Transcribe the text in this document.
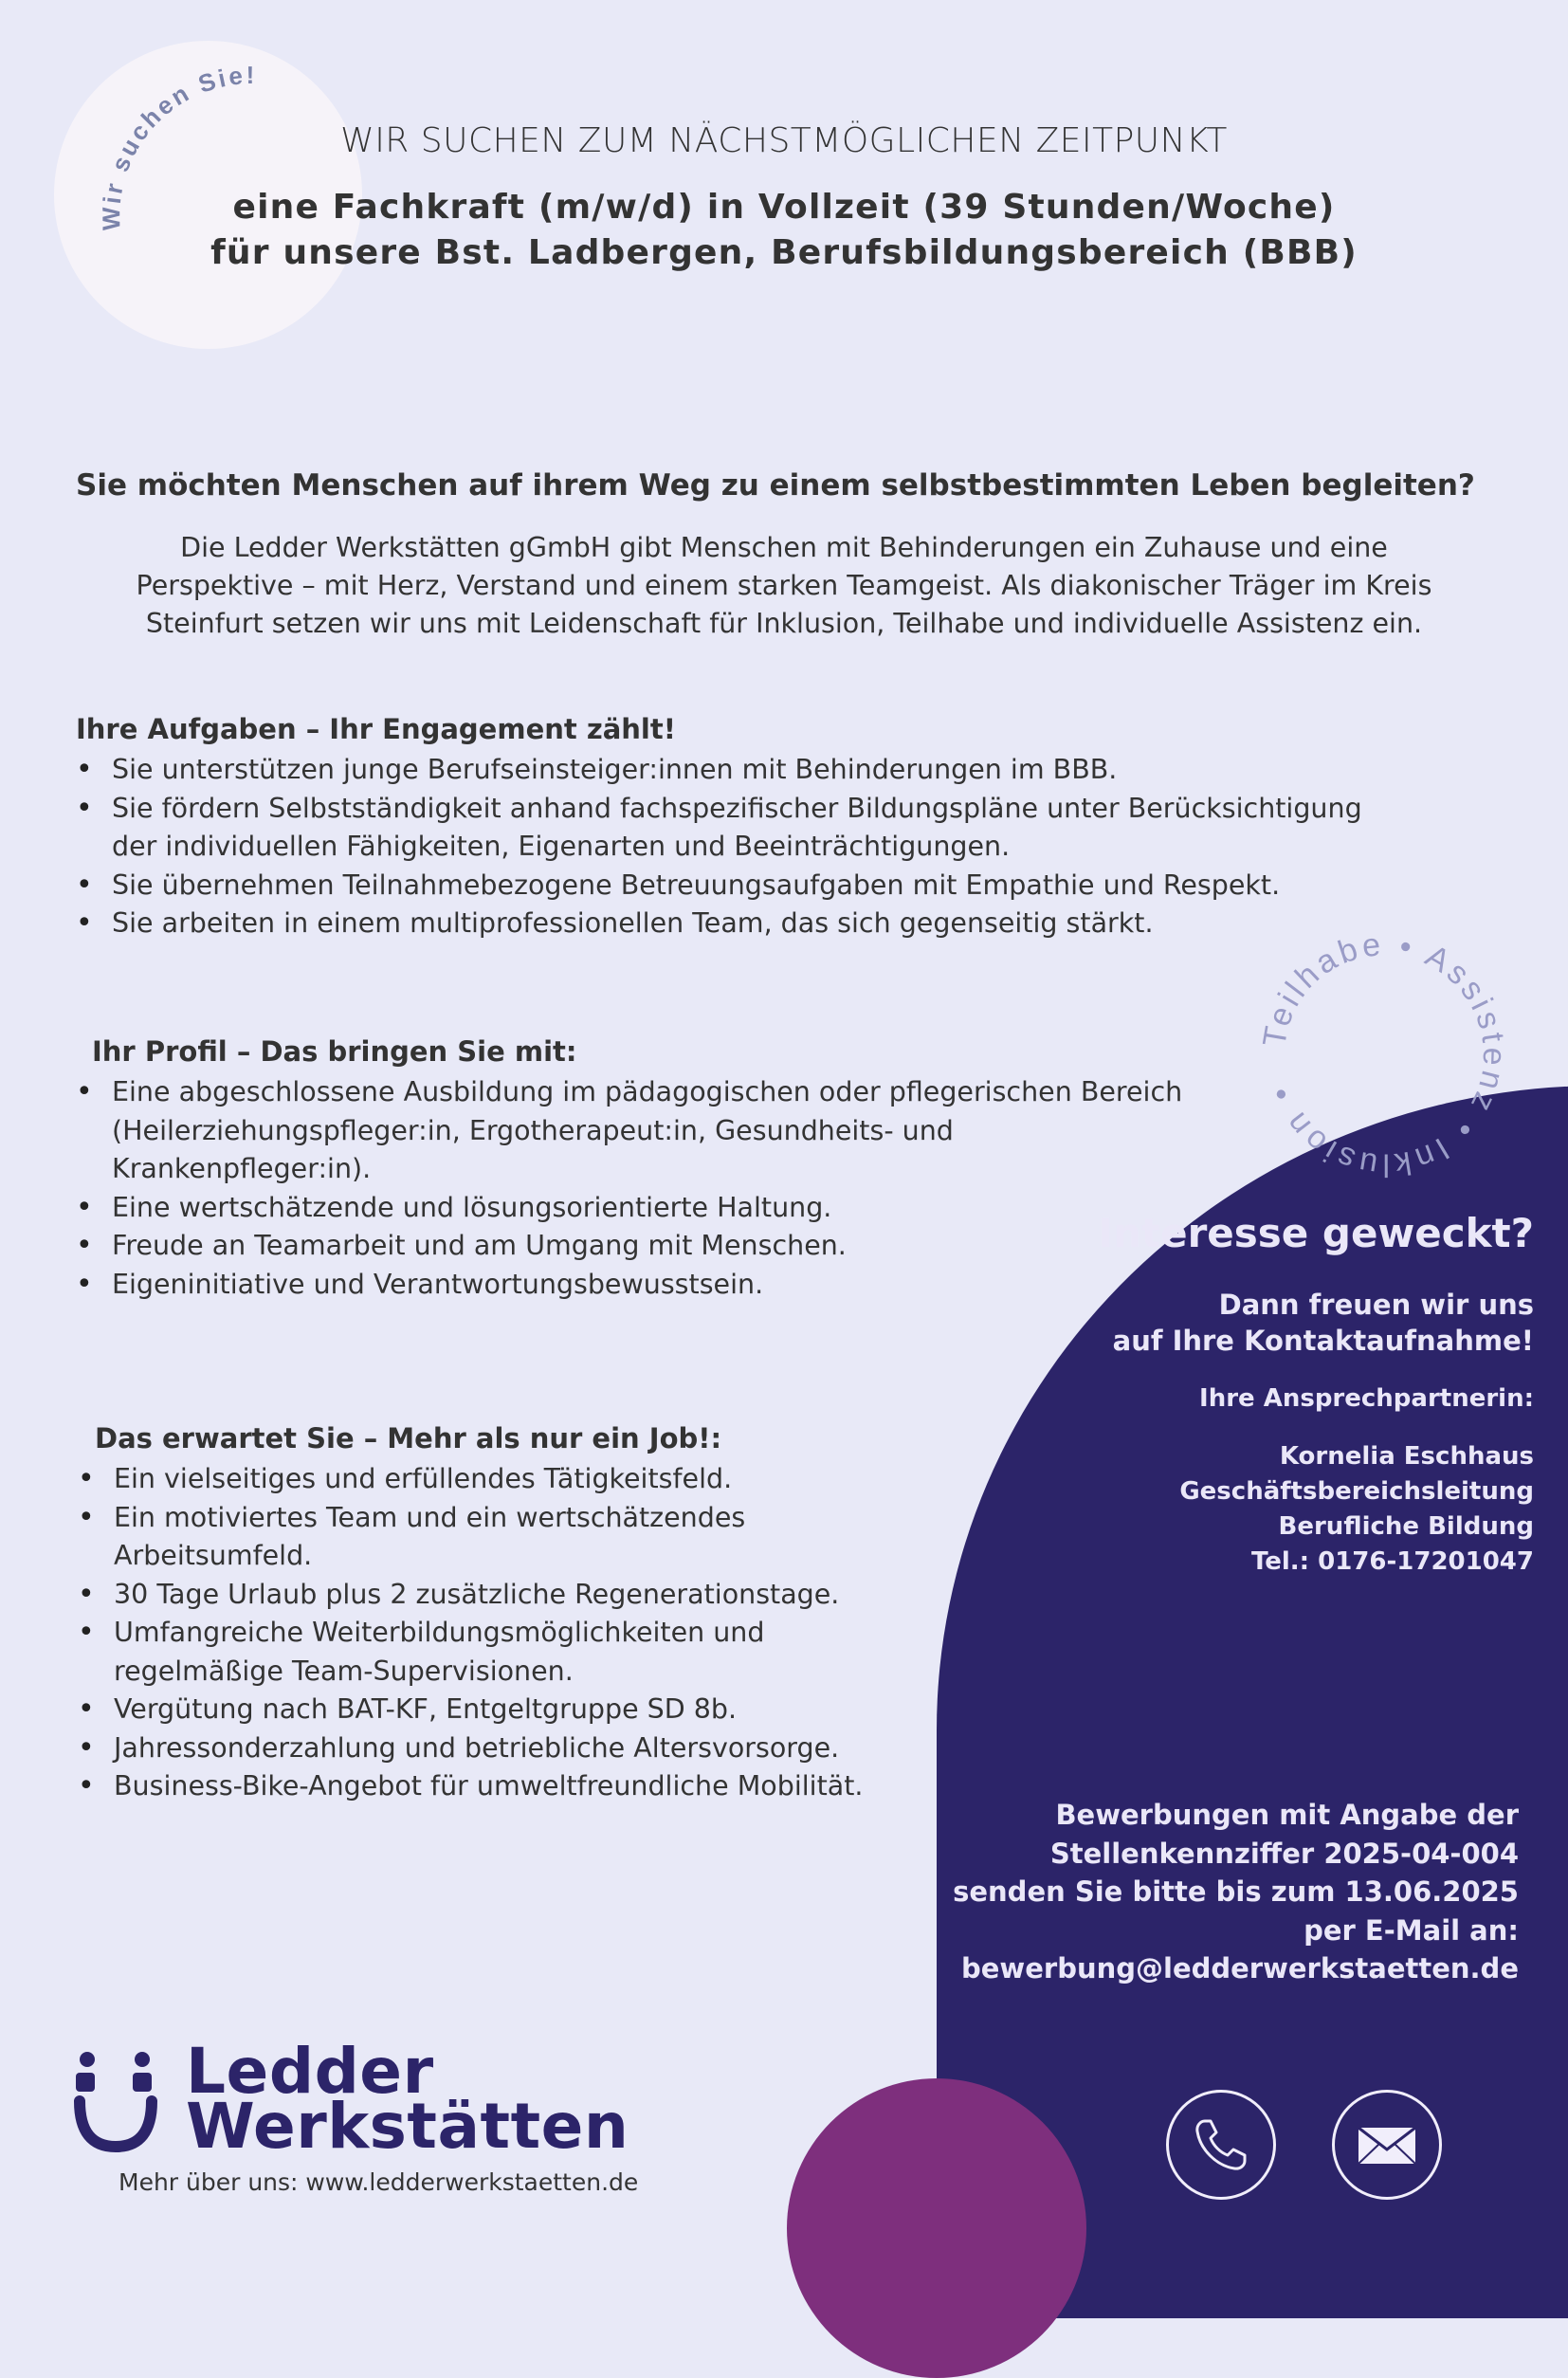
Wir suchen Sie!
WIR SUCHEN ZUM NÄCHSTMÖGLICHEN ZEITPUNKT
eine Fachkraft (m/w/d) in Vollzeit (39 Stunden/Woche)
für unsere Bst. Ladbergen, Berufsbildungsbereich (BBB)
Sie möchten Menschen auf ihrem Weg zu einem selbstbestimmten Leben begleiten?
Die Ledder Werkstätten gGmbH gibt Menschen mit Behinderungen ein Zuhause und eine
Perspektive – mit Herz, Verstand und einem starken Teamgeist. Als diakonischer Träger im Kreis
Steinfurt setzen wir uns mit Leidenschaft für Inklusion, Teilhabe und individuelle Assistenz ein.
Ihre Aufgaben – Ihr Engagement zählt!
• Sie unterstützen junge Berufseinsteiger:innen mit Behinderungen im BBB.
• Sie fördern Selbstständigkeit anhand fachspezifischer Bildungspläne unter Berücksichtigung der individuellen Fähigkeiten, Eigenarten und Beeinträchtigungen.
• Sie übernehmen Teilnahmebezogene Betreuungsaufgaben mit Empathie und Respekt.
• Sie arbeiten in einem multiprofessionellen Team, das sich gegenseitig stärkt.
Teilhabe • Assistenz • Inklusion •
Ihr Profil – Das bringen Sie mit:
• Eine abgeschlossene Ausbildung im pädagogischen oder pflegerischen Bereich (Heilerziehungspfleger:in, Ergotherapeut:in, Gesundheits- und Krankenpfleger:in).
• Eine wertschätzende und lösungsorientierte Haltung.
• Freude an Teamarbeit und am Umgang mit Menschen.
• Eigeninitiative und Verantwortungsbewusstsein.
Das erwartet Sie – Mehr als nur ein Job!:
• Ein vielseitiges und erfüllendes Tätigkeitsfeld.
• Ein motiviertes Team und ein wertschätzendes Arbeitsumfeld.
• 30 Tage Urlaub plus 2 zusätzliche Regenerationstage.
• Umfangreiche Weiterbildungsmöglichkeiten und regelmäßige Team-Supervisionen.
• Vergütung nach BAT-KF, Entgeltgruppe SD 8b.
• Jahressonderzahlung und betriebliche Altersvorsorge.
• Business-Bike-Angebot für umweltfreundliche Mobilität.
Interesse geweckt?
Dann freuen wir uns
auf Ihre Kontaktaufnahme!
Ihre Ansprechpartnerin:
Kornelia Eschhaus
Geschäftsbereichsleitung
Berufliche Bildung
Tel.: 0176-17201047
Bewerbungen mit Angabe der
Stellenkennziffer 2025-04-004
senden Sie bitte bis zum 13.06.2025
per E-Mail an:
bewerbung@ledderwerkstaetten.de
Ledder
Werkstätten
Mehr über uns: www.ledderwerkstaetten.de
